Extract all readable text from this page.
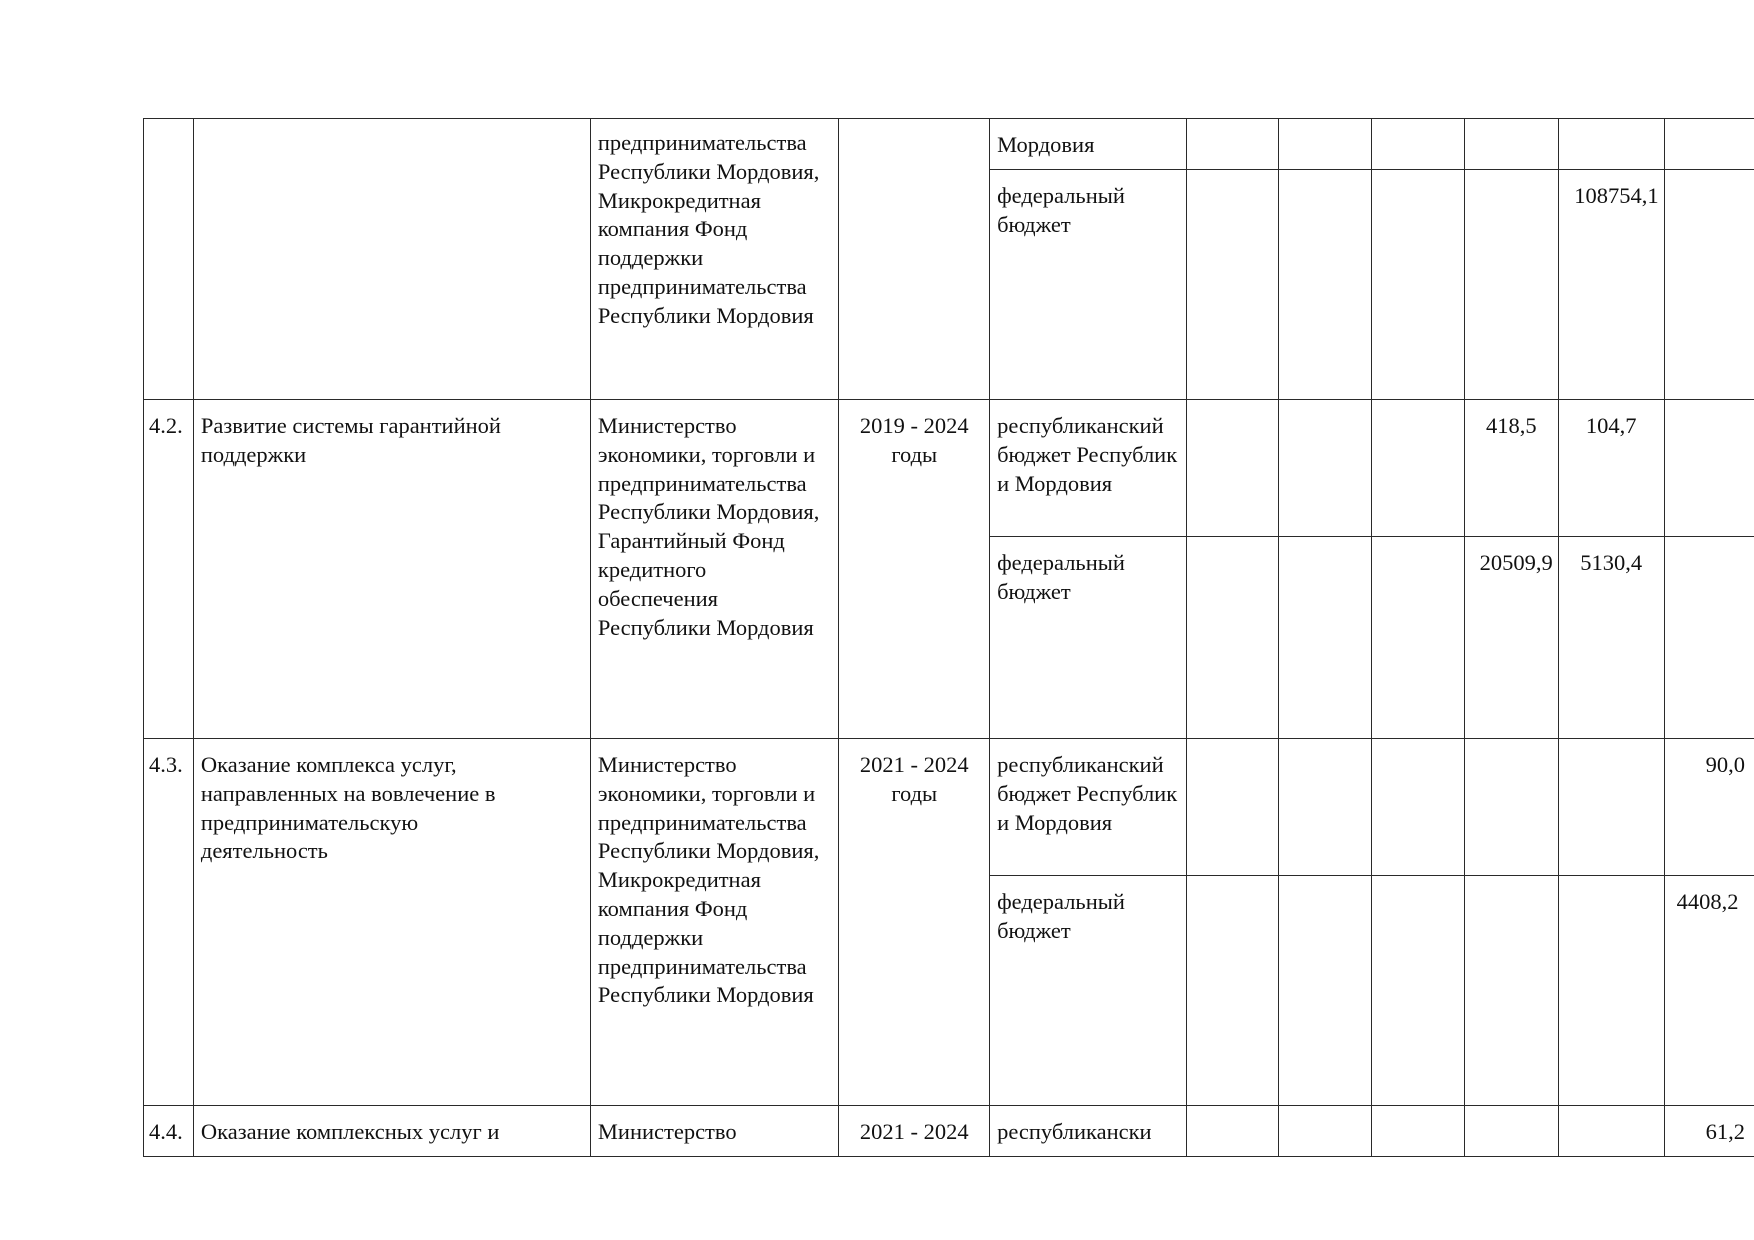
		предпринимательства Республики Мордовия, Микрокредитная компания Фонд поддержки предпринимательства Республики Мордовия		Мордовия						

				федеральный бюджет					108754,1	

4.2.	Развитие системы гарантийной поддержки	Министерство экономики, торговли и предпринимательства Республики Мордовия, Гарантийный Фонд кредитного обеспечения Республики Мордовия	2019 - 2024 годы	республиканский бюджет Республики Мордовия				418,5	104,7	

				федеральный бюджет				20509,9	5130,4	

4.3.	Оказание комплекса услуг, направленных на вовлечение в предпринимательскую деятельность	Министерство экономики, торговли и предпринимательства Республики Мордовия, Микрокредитная компания Фонд поддержки предпринимательства Республики Мордовия	2021 - 2024 годы	республиканский бюджет Республики Мордовия						90,0

				федеральный бюджет						4408,2

4.4.	Оказание комплексных услуг и	Министерство	2021 - 2024	республикански						61,2
